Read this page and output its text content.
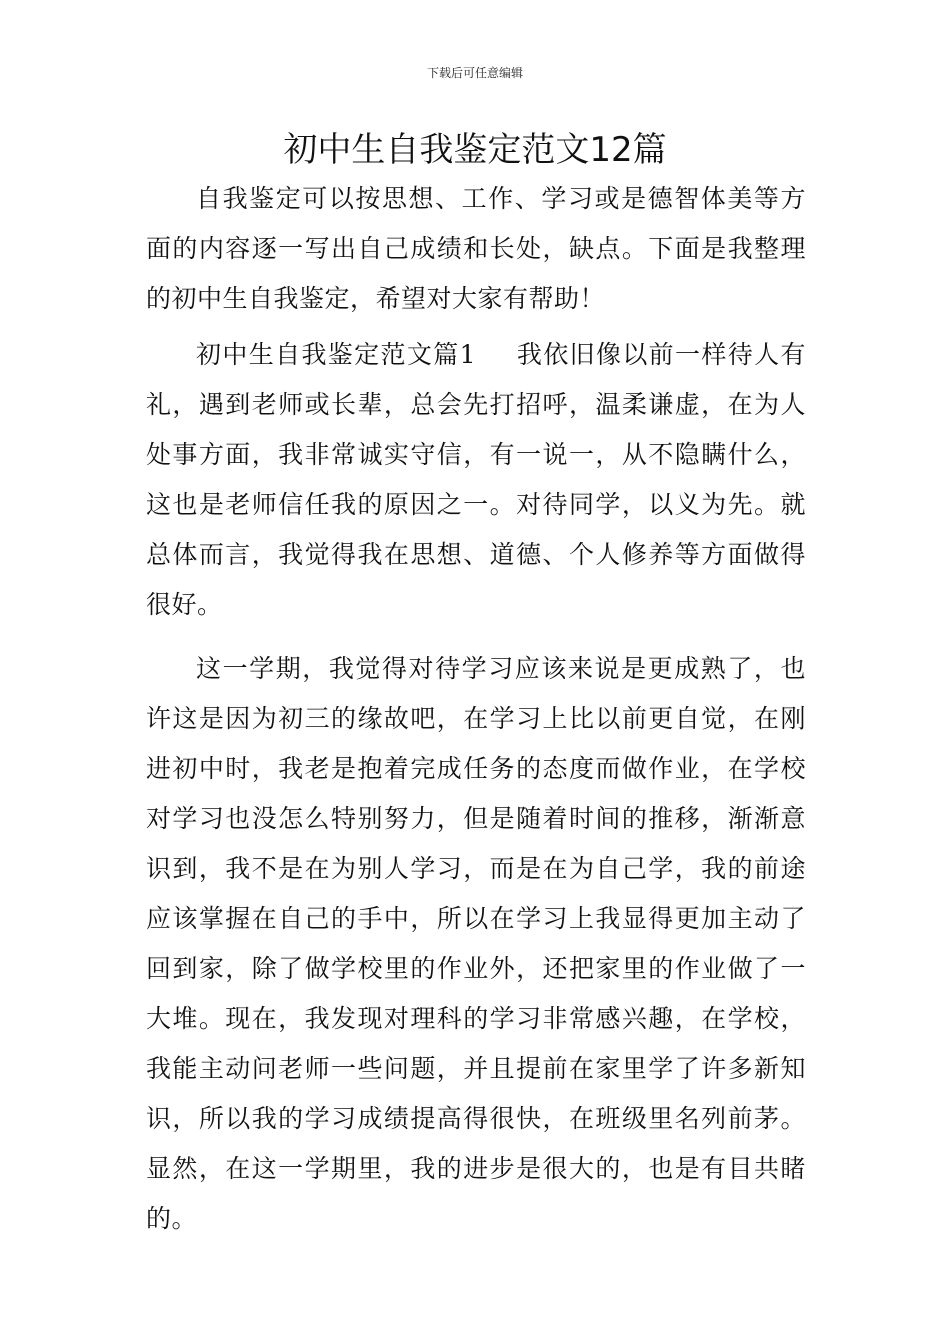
下载后可任意编辑
初中生自我鉴定范文12篇

自我鉴定可以按思想、工作、学习或是德智体美等方面的内容逐一写出自己成绩和长处，缺点。下面是我整理的初中生自我鉴定，希望对大家有帮助！

初中生自我鉴定范文篇1 我依旧像以前一样待人有礼，遇到老师或长辈，总会先打招呼，温柔谦虚，在为人处事方面，我非常诚实守信，有一说一，从不隐瞒什么，这也是老师信任我的原因之一。对待同学，以义为先。就总体而言，我觉得我在思想、道德、个人修养等方面做得很好。

这一学期，我觉得对待学习应该来说是更成熟了，也许这是因为初三的缘故吧，在学习上比以前更自觉，在刚进初中时，我老是抱着完成任务的态度而做作业，在学校对学习也没怎么特别努力，但是随着时间的推移，渐渐意识到，我不是在为别人学习，而是在为自己学，我的前途应该掌握在自己的手中，所以在学习上我显得更加主动了回到家，除了做学校里的作业外，还把家里的作业做了一大堆。现在，我发现对理科的学习非常感兴趣，在学校，我能主动问老师一些问题，并且提前在家里学了许多新知识，所以我的学习成绩提高得很快，在班级里名列前茅。显然，在这一学期里，我的进步是很大的，也是有目共睹的。
